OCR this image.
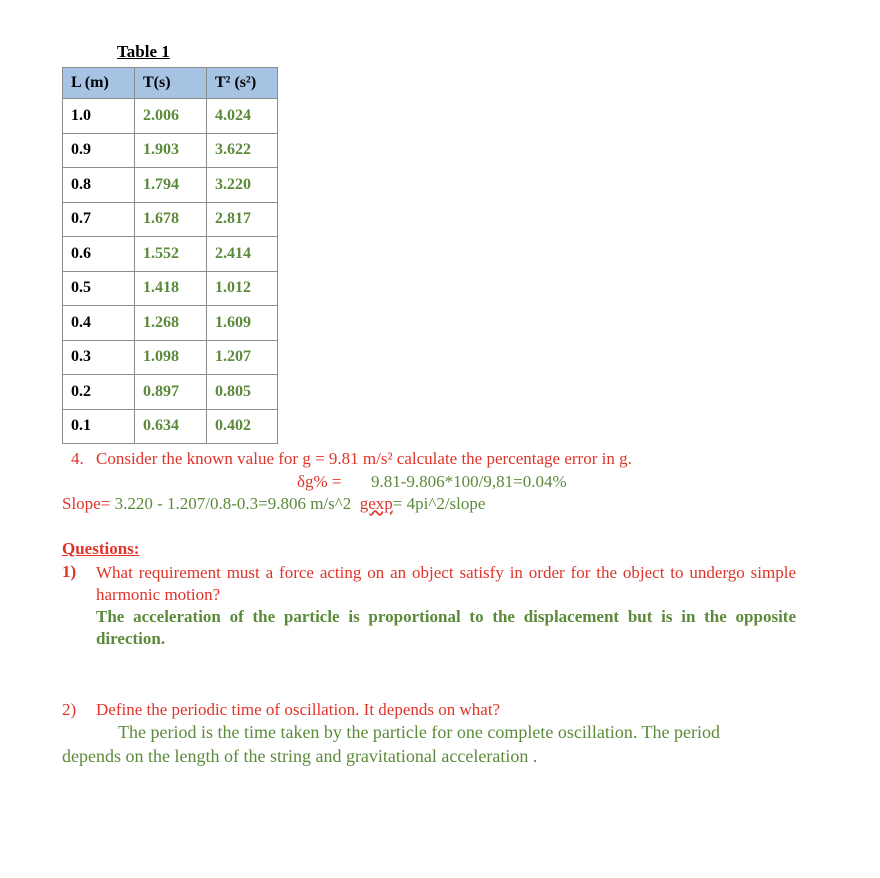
Table 1
L (m)	T(s)	T² (s²)
1.0	2.006	4.024
0.9	1.903	3.622
0.8	1.794	3.220
0.7	1.678	2.817
0.6	1.552	2.414
0.5	1.418	1.012
0.4	1.268	1.609
0.3	1.098	1.207
0.2	0.897	0.805
0.1	0.634	0.402
4. Consider the known value for g = 9.81 m/s² calculate the percentage error in g.
δg% = 9.81-9.806*100/9,81=0.04%
Slope= 3.220 - 1.207/0.8-0.3=9.806 m/s^2 gexp= 4pi^2/slope
Questions:
1) What requirement must a force acting on an object satisfy in order for the object to undergo simple harmonic motion?
The acceleration of the particle is proportional to the displacement but is in the opposite direction.
2) Define the periodic time of oscillation. It depends on what?
The period is the time taken by the particle for one complete oscillation. The period
depends on the length of the string and gravitational acceleration .
